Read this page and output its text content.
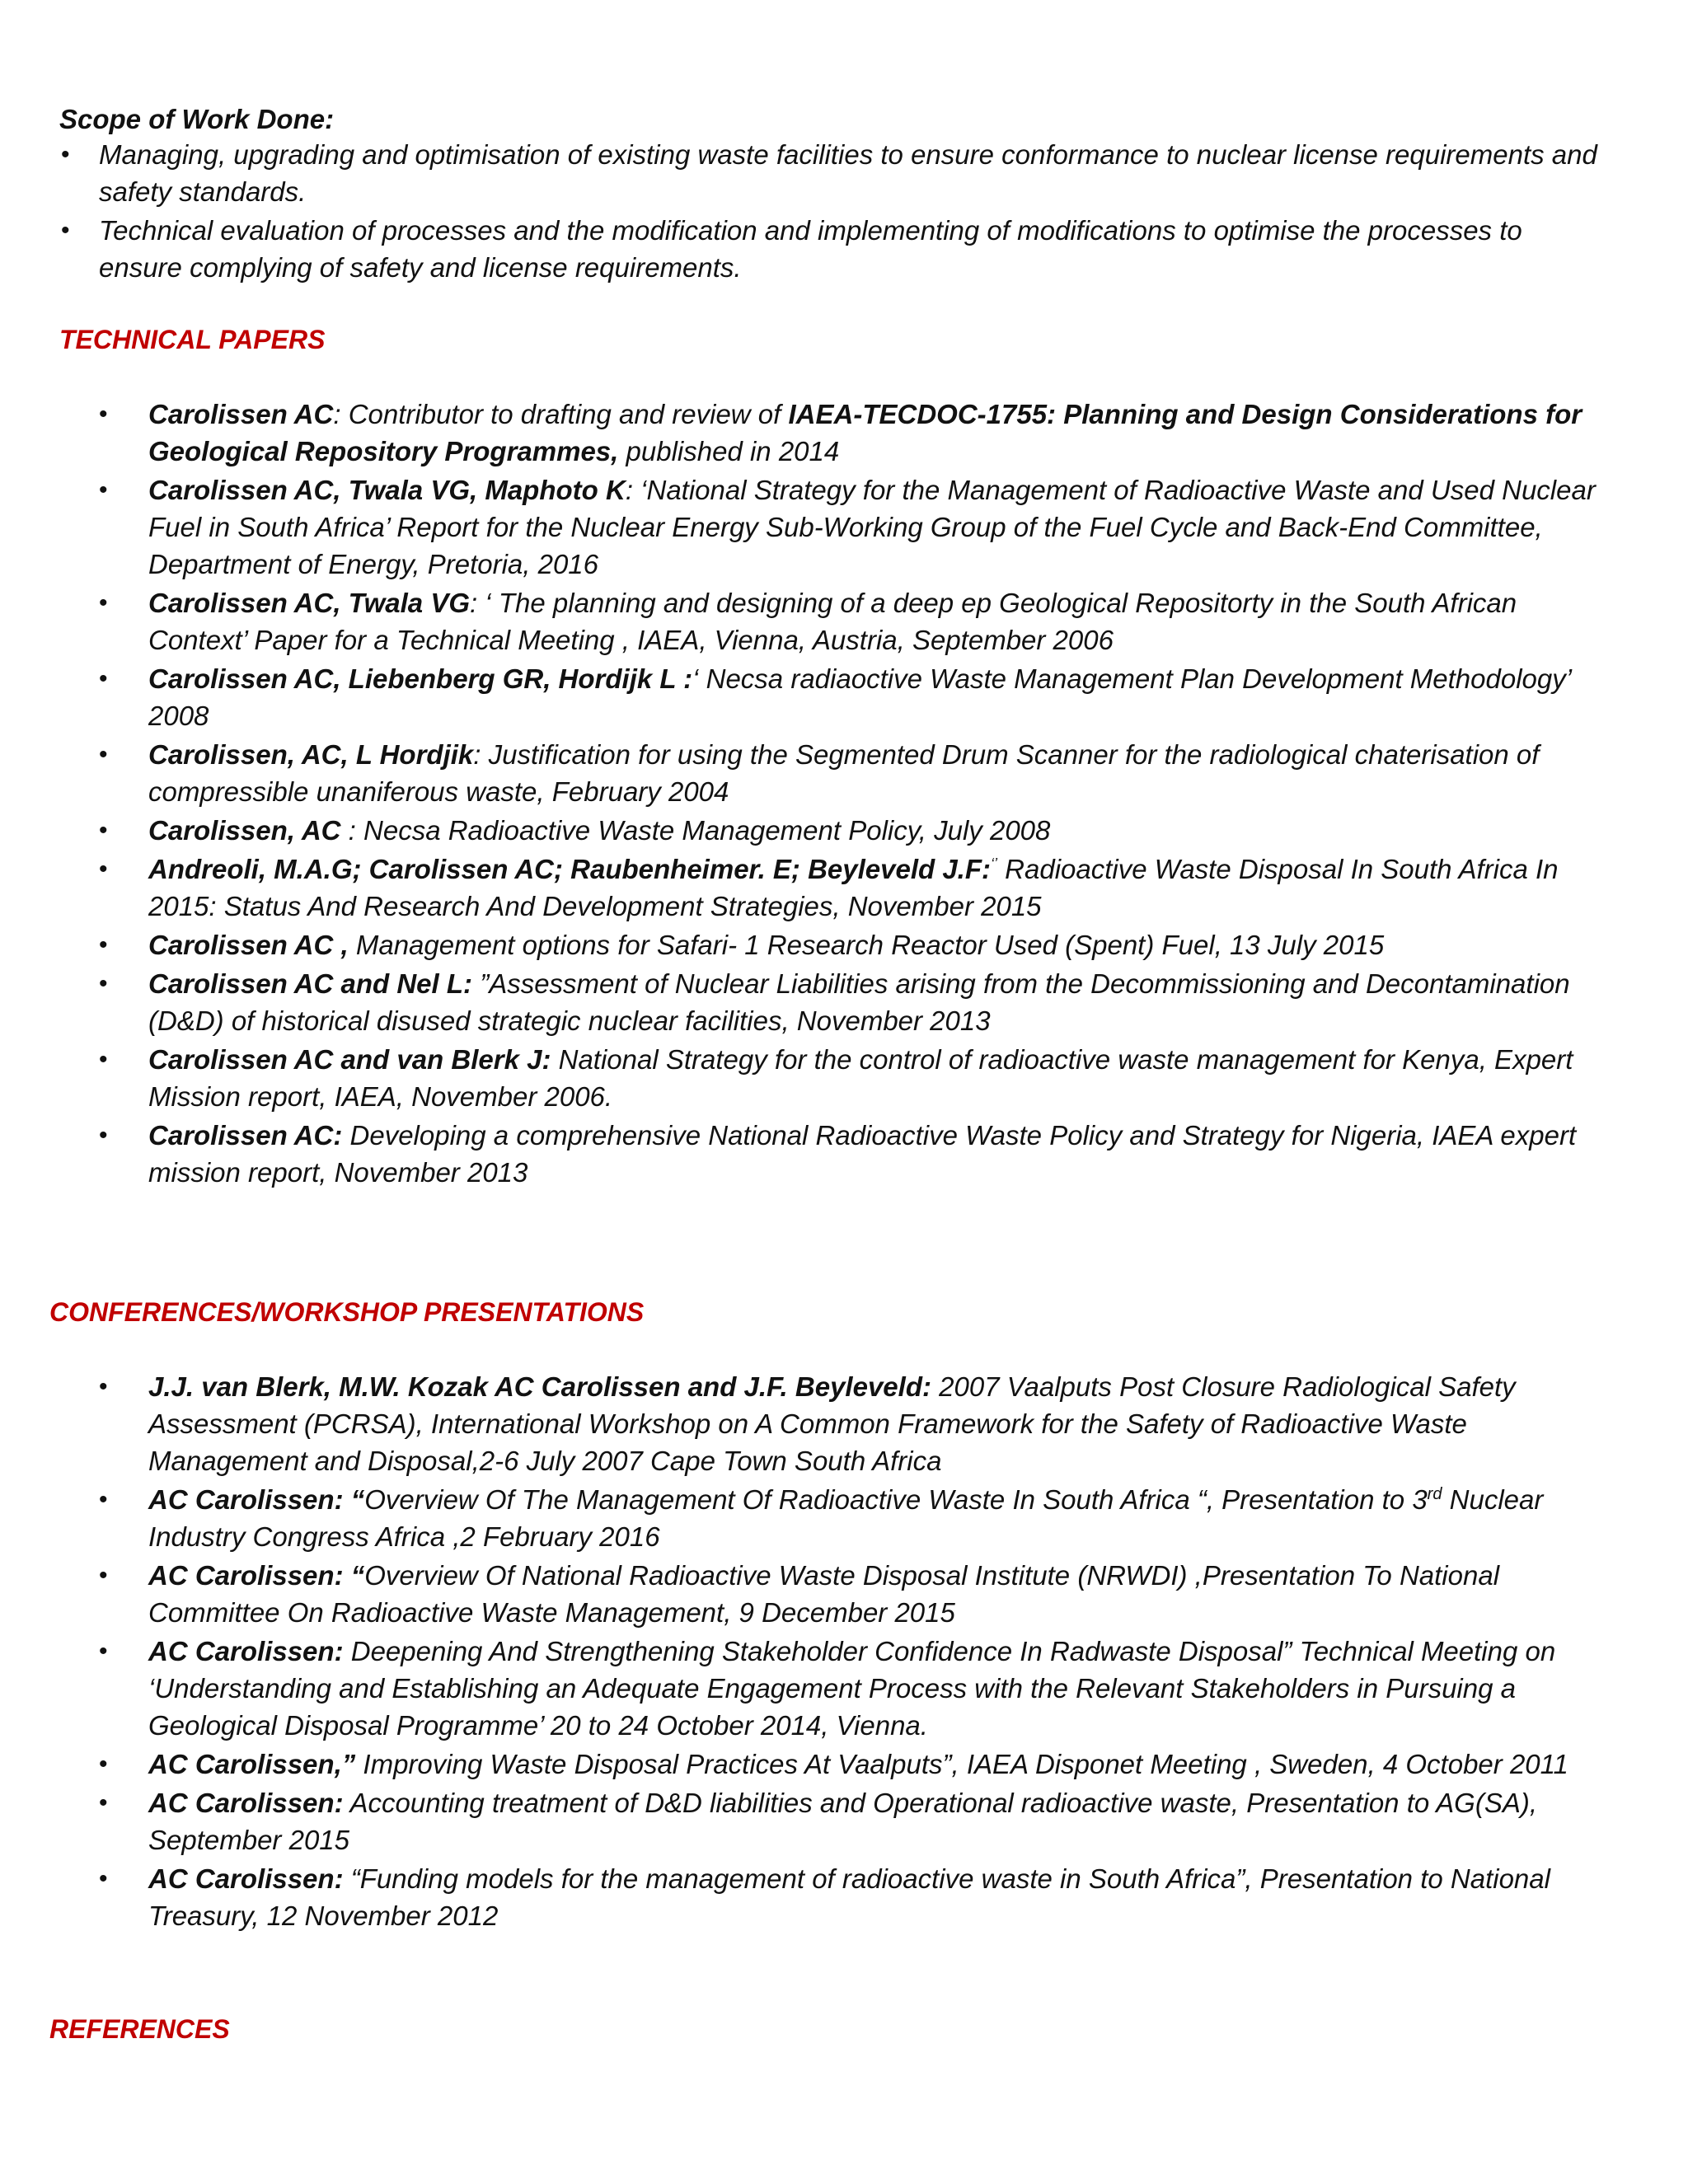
Scope of Work Done:
• Managing, upgrading and optimisation of existing waste facilities to ensure conformance to nuclear license requirements and safety standards.
• Technical evaluation of processes and the modification and implementing of modifications to optimise the processes to ensure complying of safety and license requirements.
TECHNICAL PAPERS
• Carolissen AC: Contributor to drafting and review of IAEA-TECDOC-1755: Planning and Design Considerations for Geological Repository Programmes, published in 2014
• Carolissen AC, Twala VG, Maphoto K: ‘National Strategy for the Management of Radioactive Waste and Used Nuclear Fuel in South Africa’ Report for the Nuclear Energy Sub-Working Group of the Fuel Cycle and Back-End Committee, Department of Energy, Pretoria, 2016
• Carolissen AC, Twala VG: ‘ The planning and designing of a deep ep Geological Repositorty in the South African Context’ Paper for a Technical Meeting , IAEA, Vienna, Austria, September 2006
• Carolissen AC, Liebenberg GR, Hordijk L :‘ Necsa radiaoctive Waste Management Plan Development Methodology’ 2008
• Carolissen, AC, L Hordjik: Justification for using the Segmented Drum Scanner for the radiological chaterisation of compressible unaniferous waste, February 2004
• Carolissen, AC : Necsa Radioactive Waste Management Policy, July 2008
• Andreoli, M.A.G; Carolissen AC; Raubenheimer. E; Beyleveld J.F:‘’ Radioactive Waste Disposal In South Africa In 2015: Status And Research And Development Strategies, November 2015
• Carolissen AC , Management options for Safari- 1 Research Reactor Used (Spent) Fuel, 13 July 2015
• Carolissen AC and Nel L: ”Assessment of Nuclear Liabilities arising from the Decommissioning and Decontamination (D&D) of historical disused strategic nuclear facilities, November 2013
• Carolissen AC and van Blerk J: National Strategy for the control of radioactive waste management for Kenya, Expert Mission report, IAEA, November 2006.
• Carolissen AC: Developing a comprehensive National Radioactive Waste Policy and Strategy for Nigeria, IAEA expert mission report, November 2013
CONFERENCES/WORKSHOP PRESENTATIONS
• J.J. van Blerk, M.W. Kozak AC Carolissen and J.F. Beyleveld: 2007 Vaalputs Post Closure Radiological Safety Assessment (PCRSA), International Workshop on A Common Framework for the Safety of Radioactive Waste Management and Disposal,2-6 July 2007 Cape Town South Africa
• AC Carolissen: “Overview Of The Management Of Radioactive Waste In South Africa “, Presentation to 3rd Nuclear Industry Congress Africa ,2 February 2016
• AC Carolissen: “Overview Of National Radioactive Waste Disposal Institute (NRWDI) ,Presentation To National Committee On Radioactive Waste Management, 9 December 2015
• AC Carolissen: Deepening And Strengthening Stakeholder Confidence In Radwaste Disposal” Technical Meeting on ‘Understanding and Establishing an Adequate Engagement Process with the Relevant Stakeholders in Pursuing a Geological Disposal Programme’ 20 to 24 October 2014, Vienna.
• AC Carolissen,” Improving Waste Disposal Practices At Vaalputs”, IAEA Disponet Meeting , Sweden, 4 October 2011
• AC Carolissen: Accounting treatment of D&D liabilities and Operational radioactive waste, Presentation to AG(SA), September 2015
• AC Carolissen: “Funding models for the management of radioactive waste in South Africa”, Presentation to National Treasury, 12 November 2012
REFERENCES
